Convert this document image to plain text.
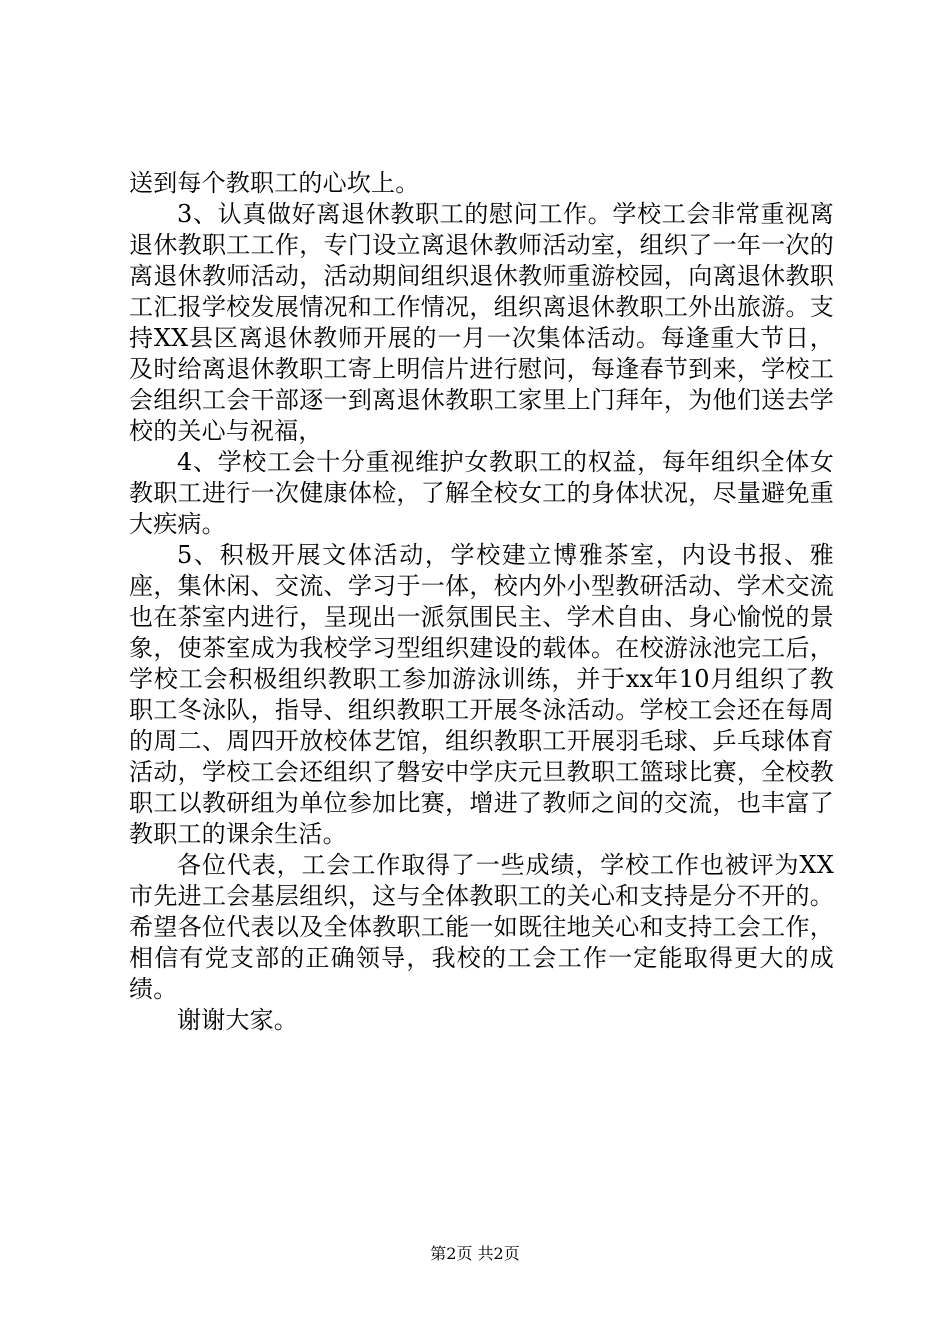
送到每个教职工的心坎上。

3、认真做好离退休教职工的慰问工作。学校工会非常重视离退休教职工工作，专门设立离退休教师活动室，组织了一年一次的离退休教师活动，活动期间组织退休教师重游校园，向离退休教职工汇报学校发展情况和工作情况，组织离退休教职工外出旅游。支持XX县区离退休教师开展的一月一次集体活动。每逢重大节日，及时给离退休教职工寄上明信片进行慰问，每逢春节到来，学校工会组织工会干部逐一到离退休教职工家里上门拜年，为他们送去学校的关心与祝福，

4、学校工会十分重视维护女教职工的权益，每年组织全体女教职工进行一次健康体检，了解全校女工的身体状况，尽量避免重大疾病。

5、积极开展文体活动，学校建立博雅茶室，内设书报、雅座，集休闲、交流、学习于一体，校内外小型教研活动、学术交流也在茶室内进行，呈现出一派氛围民主、学术自由、身心愉悦的景象，使茶室成为我校学习型组织建设的载体。在校游泳池完工后，学校工会积极组织教职工参加游泳训练，并于xx年10月组织了教职工冬泳队，指导、组织教职工开展冬泳活动。学校工会还在每周的周二、周四开放校体艺馆，组织教职工开展羽毛球、乒乓球体育活动，学校工会还组织了磐安中学庆元旦教职工篮球比赛，全校教职工以教研组为单位参加比赛，增进了教师之间的交流，也丰富了教职工的课余生活。

各位代表，工会工作取得了一些成绩，学校工作也被评为XX市先进工会基层组织，这与全体教职工的关心和支持是分不开的。希望各位代表以及全体教职工能一如既往地关心和支持工会工作，相信有党支部的正确领导，我校的工会工作一定能取得更大的成绩。

谢谢大家。

第2页 共2页
